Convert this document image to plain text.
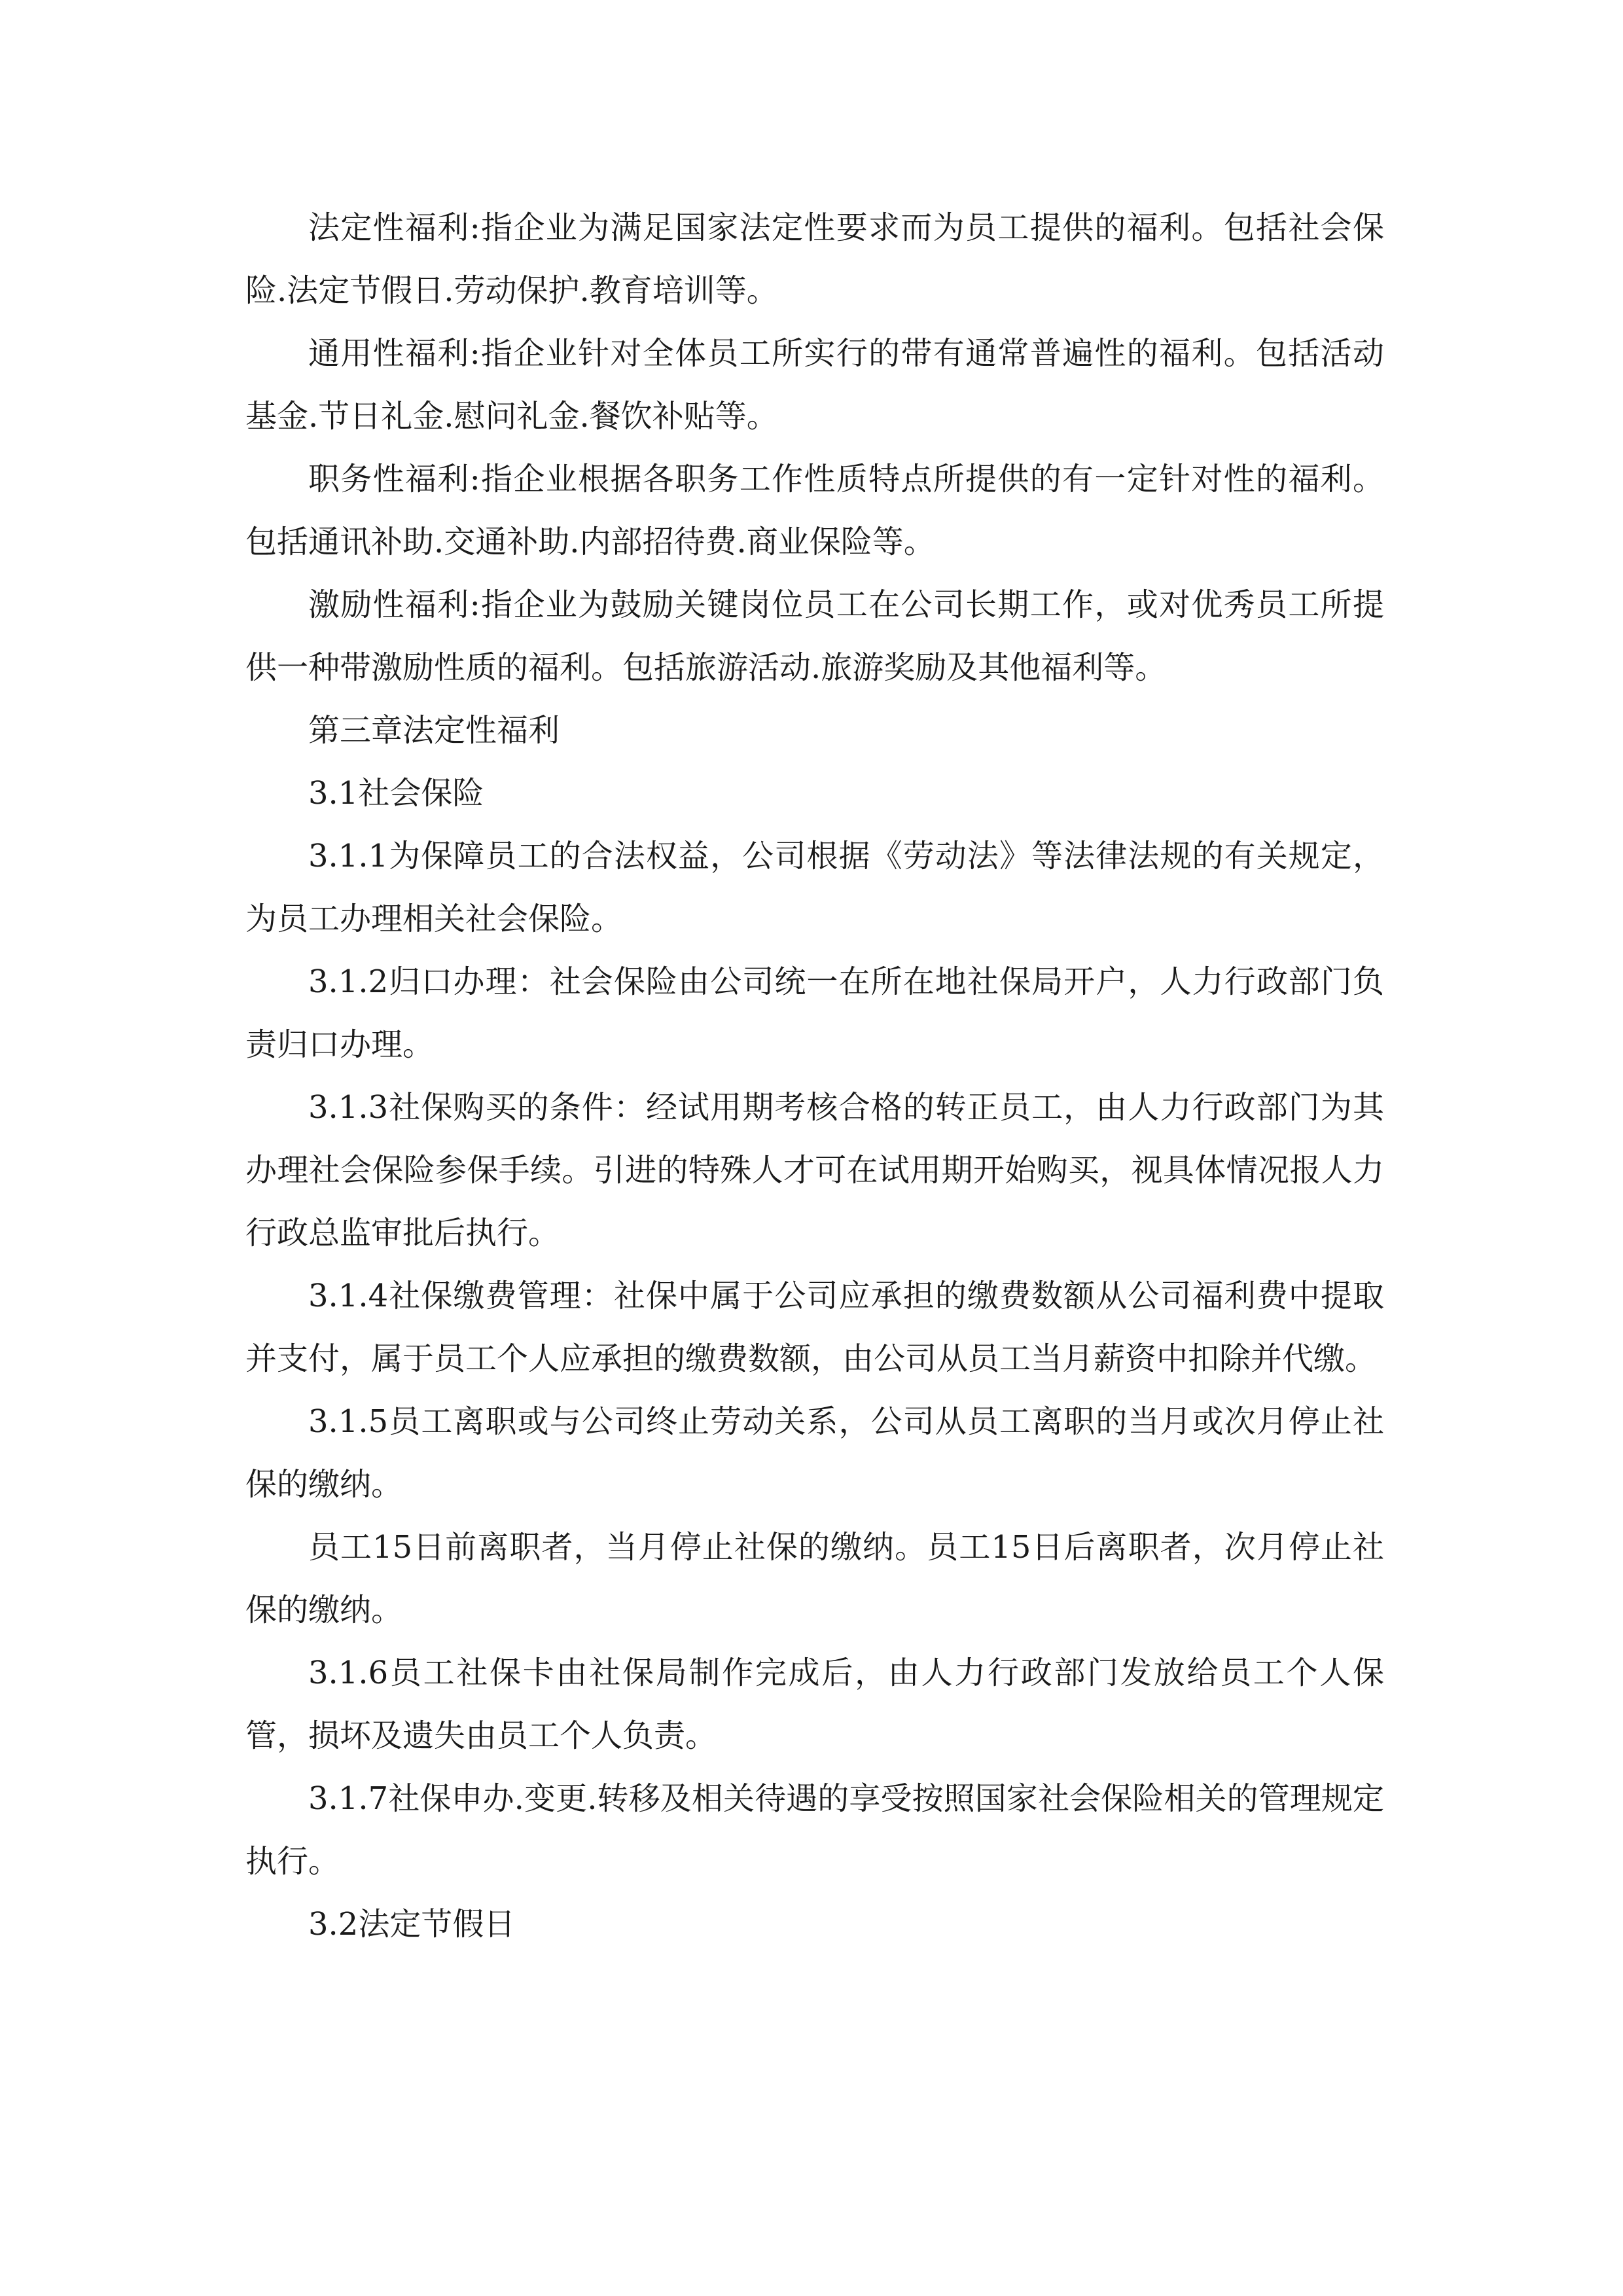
法定性福利:指企业为满足国家法定性要求而为员工提供的福利。包括社会保险.法定节假日.劳动保护.教育培训等。

通用性福利:指企业针对全体员工所实行的带有通常普遍性的福利。包括活动基金.节日礼金.慰问礼金.餐饮补贴等。

职务性福利:指企业根据各职务工作性质特点所提供的有一定针对性的福利。包括通讯补助.交通补助.内部招待费.商业保险等。

激励性福利:指企业为鼓励关键岗位员工在公司长期工作，或对优秀员工所提供一种带激励性质的福利。包括旅游活动.旅游奖励及其他福利等。

第三章法定性福利

3.1社会保险

3.1.1为保障员工的合法权益，公司根据《劳动法》等法律法规的有关规定，为员工办理相关社会保险。

3.1.2归口办理：社会保险由公司统一在所在地社保局开户，人力行政部门负责归口办理。

3.1.3社保购买的条件：经试用期考核合格的转正员工，由人力行政部门为其办理社会保险参保手续。引进的特殊人才可在试用期开始购买，视具体情况报人力行政总监审批后执行。

3.1.4社保缴费管理：社保中属于公司应承担的缴费数额从公司福利费中提取并支付，属于员工个人应承担的缴费数额，由公司从员工当月薪资中扣除并代缴。

3.1.5员工离职或与公司终止劳动关系，公司从员工离职的当月或次月停止社保的缴纳。

员工15日前离职者，当月停止社保的缴纳。员工15日后离职者，次月停止社保的缴纳。

3.1.6员工社保卡由社保局制作完成后，由人力行政部门发放给员工个人保管，损坏及遗失由员工个人负责。

3.1.7社保申办.变更.转移及相关待遇的享受按照国家社会保险相关的管理规定执行。

3.2法定节假日
